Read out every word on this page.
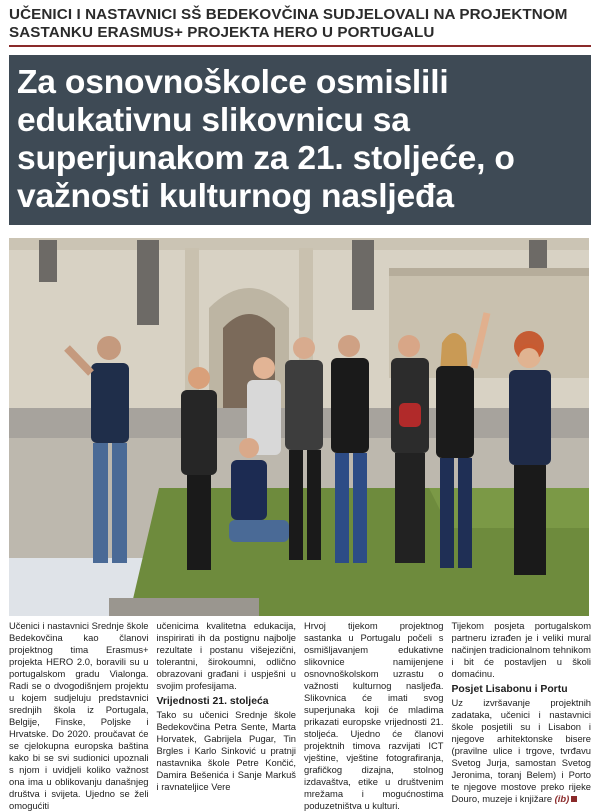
UČENICI I NASTAVNICI SŠ BEDEKOVČINA SUDJELOVALI NA PROJEKTNOM SASTANKU ERASMUS+ PROJEKTA HERO U PORTUGALU
Za osnovnoškolce osmislili edukativnu slikovnicu sa superjunakom za 21. stoljeće, o važnosti kulturnog nasljeđa

Učenici i nastavnici Srednje škole Bedekovčina kao članovi projektnog tima Erasmus+ projekta HERO 2.0, boravili su u portugalskom gradu Vialonga. Radi se o dvogodišnjem projektu u kojem sudjeluju predstavnici srednjih škola iz Portugala, Belgije, Finske, Poljske i Hrvatske. Do 2020. proučavat će se cjelokupna europska baština kako bi se svi sudionici upoznali s njom i uvidjeli koliko važnost ona ima u oblikovanju današnjeg društva i svijeta. Ujedno se želi omogućiti

učenicima kvalitetna edukacija, inspirirati ih da postignu najbolje rezultate i postanu višejezični, tolerantni, širokoumni, odlično obrazovani građani i uspješni u svojim profesijama.

Vrijednosti 21. stoljeća

Tako su učenici Srednje škole Bedekovčina Petra Sente, Marta Horvatek, Gabrijela Pugar, Tin Brgles i Karlo Sinković u pratnji nastavnika škole Petre Končić, Damira Bešenića i Sanje Markuš i ravnateljice Vere

Hrvoj tijekom projektnog sastanka u Portugalu počeli s osmišljavanjem edukativne slikovnice namijenjene osnovnoškolskom uzrastu o važnosti kulturnog nasljeđa. Slikovnica će imati svog superjunaka koji će mladima prikazati europske vrijednosti 21. stoljeća. Ujedno će članovi projektnih timova razvijati ICT vještine, vještine fotografiranja, grafičkog dizajna, stolnog izdavaštva, etike u društvenim mrežama i mogućnostima poduzetništva u kulturi.

Tijekom posjeta portugalskom partneru izrađen je i veliki mural načinjen tradicionalnom tehnikom i bit će postavljen u školi domaćinu.

Posjet Lisabonu i Portu

Uz izvršavanje projektnih zadataka, učenici i nastavnici škole posjetili su i Lisabon i njegove arhitektonske bisere (pravilne ulice i trgove, tvrđavu Svetog Jurja, samostan Svetog Jeronima, toranj Belem) i Porto te njegove mostove preko rijeke Douro, muzeje i knjižare (ib)
